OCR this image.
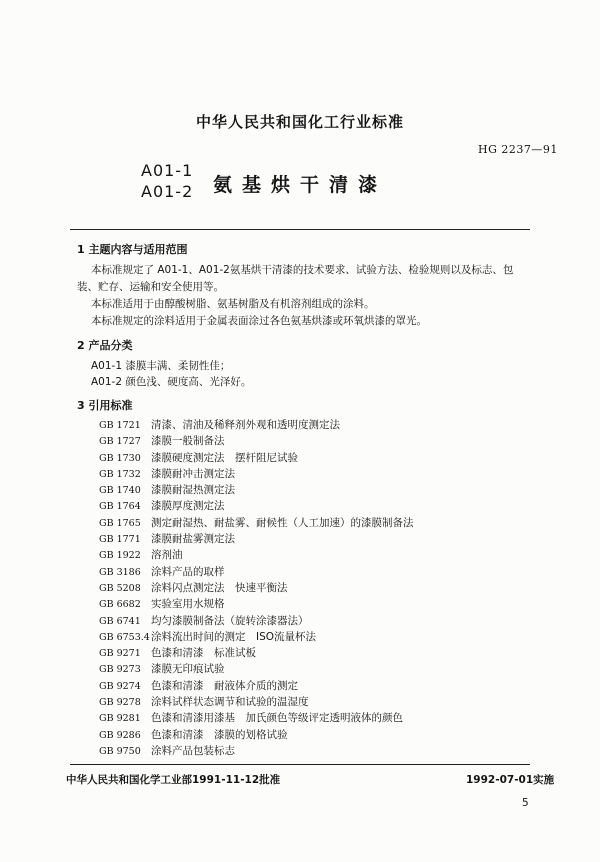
中华人民共和国化工行业标准
HG 2237—91
A01-1
A01-2 氨基烘干清漆
1 主题内容与适用范围
本标准规定了 A01-1、A01-2氨基烘干清漆的技术要求、试验方法、检验规则以及标志、包
装、贮存、运输和安全使用等。
本标准适用于由醇酸树脂、氨基树脂及有机溶剂组成的涂料。
本标准规定的涂料适用于金属表面涂过各色氨基烘漆或环氧烘漆的罩光。
2 产品分类
A01-1 漆膜丰满、柔韧性佳；
A01-2 颜色浅、硬度高、光泽好。
3 引用标准
GB 1721 清漆、清油及稀释剂外观和透明度测定法
GB 1727 漆膜一般制备法
GB 1730 漆膜硬度测定法　摆杆阻尼试验
GB 1732 漆膜耐冲击测定法
GB 1740 漆膜耐湿热测定法
GB 1764 漆膜厚度测定法
GB 1765 测定耐湿热、耐盐雾、耐候性（人工加速）的漆膜制备法
GB 1771 漆膜耐盐雾测定法
GB 1922 溶剂油
GB 3186 涂料产品的取样
GB 5208 涂料闪点测定法　快速平衡法
GB 6682 实验室用水规格
GB 6741 均匀漆膜制备法（旋转涂漆器法）
GB 6753.4涂料流出时间的测定　ISO流量杯法
GB 9271 色漆和清漆　标准试板
GB 9273 漆膜无印痕试验
GB 9274 色漆和清漆　耐液体介质的测定
GB 9278 涂料试样状态调节和试验的温湿度
GB 9281 色漆和清漆用漆基　加氏颜色等级评定透明液体的颜色
GB 9286 色漆和清漆　漆膜的划格试验
GB 9750 涂料产品包装标志
中华人民共和国化学工业部1991-11-12批准	1992-07-01实施
5
